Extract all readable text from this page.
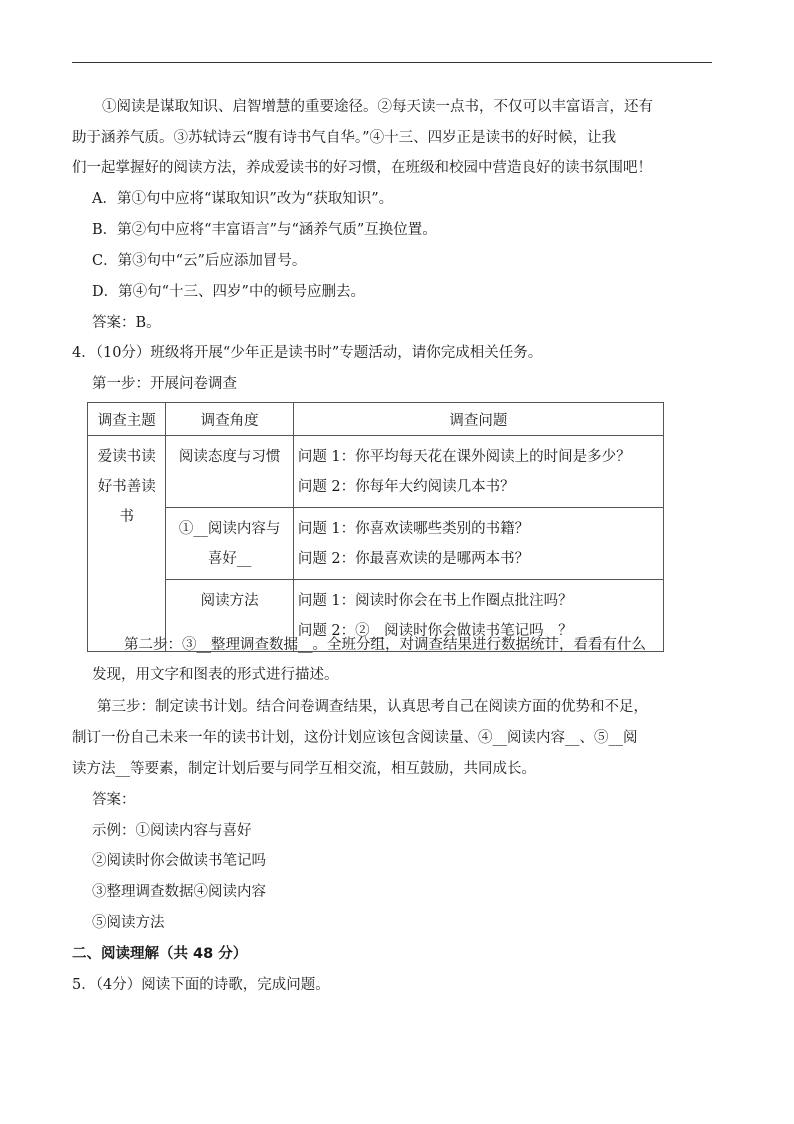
①阅读是谋取知识、启智增慧的重要途径。②每天读一点书，不仅可以丰富语言，还有
助于涵养气质。③苏轼诗云“腹有诗书气自华。”④十三、四岁正是读书的好时候，让我
们一起掌握好的阅读方法，养成爱读书的好习惯，在班级和校园中营造良好的读书氛围吧！
A．第①句中应将“谋取知识”改为“获取知识”。
B．第②句中应将“丰富语言”与“涵养气质”互换位置。
C．第③句中“云”后应添加冒号。
D．第④句“十三、四岁”中的顿号应删去。
答案：B。
4．（10分）班级将开展“少年正是读书时”专题活动，请你完成相关任务。
第一步：开展问卷调查
调查主题	调查角度	调查问题

爱读书读
好书善读
书	阅读态度与习惯	问题 1：你平均每天花在课外阅读上的时间是多少？
问题 2：你每年大约阅读几本书？

	①__阅读内容与
喜好__	问题 1：你喜欢读哪些类别的书籍？
问题 2：你最喜欢读的是哪两本书？

	阅读方法	问题 1：阅读时你会在书上作圈点批注吗？
问题 2：②__阅读时你会做读书笔记吗__？
第二步：③__整理调查数据__。全班分组，对调查结果进行数据统计，看看有什么
发现，用文字和图表的形式进行描述。
第三步：制定读书计划。结合问卷调查结果，认真思考自己在阅读方面的优势和不足，
制订一份自己未来一年的读书计划，这份计划应该包含阅读量、④__阅读内容__、⑤__阅
读方法__等要素，制定计划后要与同学互相交流，相互鼓励，共同成长。
答案：
示例：①阅读内容与喜好
②阅读时你会做读书笔记吗
③整理调查数据④阅读内容
⑤阅读方法
二、阅读理解（共 48 分）
5．（4分）阅读下面的诗歌，完成问题。
